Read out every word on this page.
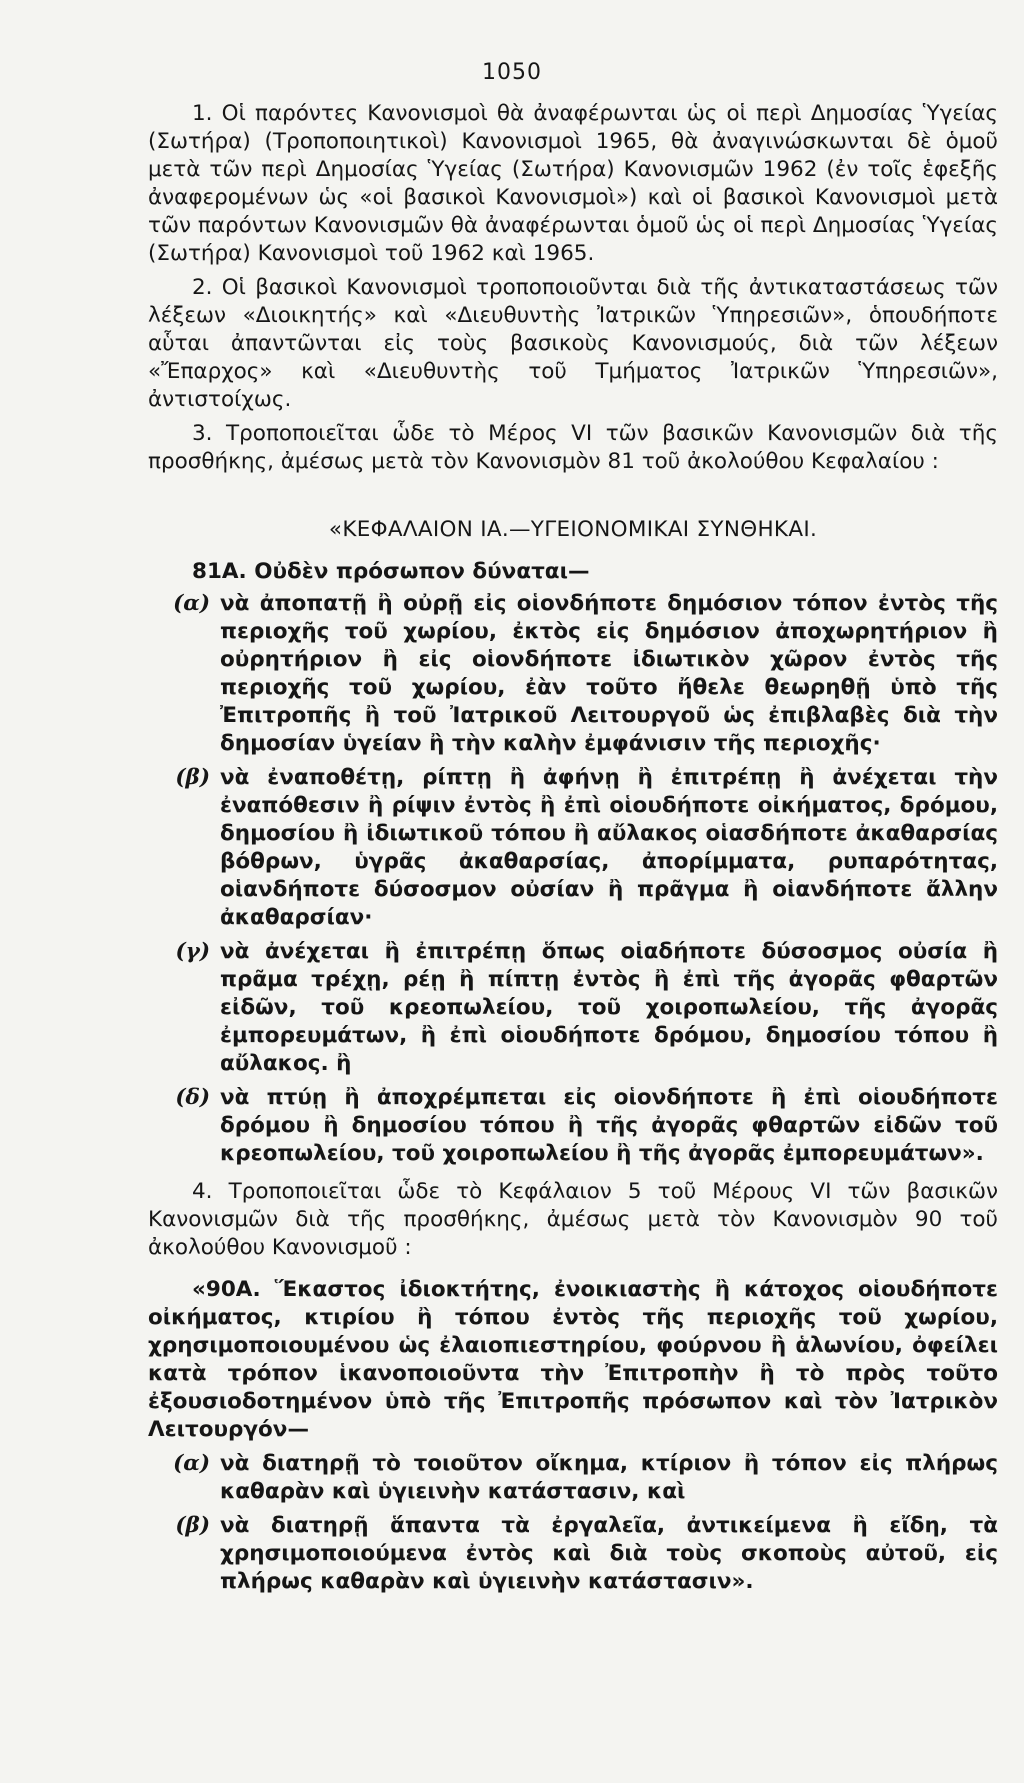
1050

1. Οἱ παρόντες Κανονισμοὶ θὰ ἀναφέρωνται ὡς οἱ περὶ Δημοσίας Ὑγείας (Σωτήρα) (Τροποποιητικοὶ) Κανονισμοὶ 1965, θὰ ἀναγινώσκωνται δὲ ὁμοῦ μετὰ τῶν περὶ Δημοσίας Ὑγείας (Σωτήρα) Κανονισμῶν 1962 (ἐν τοῖς ἑφεξῆς ἀναφερομένων ὡς «οἱ βασικοὶ Κανονισμοὶ») καὶ οἱ βασικοὶ Κανονισμοὶ μετὰ τῶν παρόντων Κανονισμῶν θὰ ἀναφέρωνται ὁμοῦ ὡς οἱ περὶ Δημοσίας Ὑγείας (Σωτήρα) Κανονισμοὶ τοῦ 1962 καὶ 1965.

2. Οἱ βασικοὶ Κανονισμοὶ τροποποιοῦνται διὰ τῆς ἀντικαταστάσεως τῶν λέξεων «Διοικητής» καὶ «Διευθυντὴς Ἰατρικῶν Ὑπηρεσιῶν», ὁπουδήποτε αὗται ἀπαντῶνται εἰς τοὺς βασικοὺς Κανονισμούς, διὰ τῶν λέξεων «Ἔπαρχος» καὶ «Διευθυντὴς τοῦ Τμήματος Ἰατρικῶν Ὑπηρεσιῶν», ἀντιστοίχως.

3. Τροποποιεῖται ὧδε τὸ Μέρος VI τῶν βασικῶν Κανονισμῶν διὰ τῆς προσθήκης, ἀμέσως μετὰ τὸν Κανονισμὸν 81 τοῦ ἀκολούθου Κεφαλαίου :

«ΚΕΦΑΛΑΙΟΝ ΙΑ.—ΥΓΕΙΟΝΟΜΙΚΑΙ ΣΥΝΘΗΚΑΙ.

81Α. Οὐδὲν πρόσωπον δύναται—

(α) νὰ ἀποπατῇ ἢ οὐρῇ εἰς οἱονδήποτε δημόσιον τόπον ἐντὸς τῆς περιοχῆς τοῦ χωρίου, ἐκτὸς εἰς δημόσιον ἀποχωρητήριον ἢ οὐρητήριον ἢ εἰς οἱονδήποτε ἰδιωτικὸν χῶρον ἐντὸς τῆς περιοχῆς τοῦ χωρίου, ἐὰν τοῦτο ἤθελε θεωρηθῇ ὑπὸ τῆς Ἐπιτροπῆς ἢ τοῦ Ἰατρικοῦ Λειτουργοῦ ὡς ἐπιβλαβὲς διὰ τὴν δημοσίαν ὑγείαν ἢ τὴν καλὴν ἐμφάνισιν τῆς περιοχῆς·
(β) νὰ ἐναποθέτῃ, ρίπτῃ ἢ ἀφήνῃ ἢ ἐπιτρέπῃ ἢ ἀνέχεται τὴν ἐναπόθεσιν ἢ ρίψιν ἐντὸς ἢ ἐπὶ οἱουδήποτε οἰκήματος, δρόμου, δημοσίου ἢ ἰδιωτικοῦ τόπου ἢ αὔλακος οἱασδήποτε ἀκαθαρσίας βόθρων, ὑγρᾶς ἀκαθαρσίας, ἀπορίμματα, ρυπαρότητας, οἱανδήποτε δύσοσμον οὐσίαν ἢ πρᾶγμα ἢ οἱανδήποτε ἄλλην ἀκαθαρσίαν·
(γ) νὰ ἀνέχεται ἢ ἐπιτρέπῃ ὅπως οἱαδήποτε δύσοσμος οὐσία ἢ πρᾶμα τρέχῃ, ρέῃ ἢ πίπτῃ ἐντὸς ἢ ἐπὶ τῆς ἀγορᾶς φθαρτῶν εἰδῶν, τοῦ κρεοπωλείου, τοῦ χοιροπωλείου, τῆς ἀγορᾶς ἐμπορευμάτων, ἢ ἐπὶ οἱουδήποτε δρόμου, δημοσίου τόπου ἢ αὔλακος. ἢ
(δ) νὰ πτύῃ ἢ ἀποχρέμπεται εἰς οἱονδήποτε ἢ ἐπὶ οἱουδήποτε δρόμου ἢ δημοσίου τόπου ἢ τῆς ἀγορᾶς φθαρτῶν εἰδῶν τοῦ κρεοπωλείου, τοῦ χοιροπωλείου ἢ τῆς ἀγορᾶς ἐμπορευμάτων».

4. Τροποποιεῖται ὧδε τὸ Κεφάλαιον 5 τοῦ Μέρους VI τῶν βασικῶν Κανονισμῶν διὰ τῆς προσθήκης, ἀμέσως μετὰ τὸν Κανονισμὸν 90 τοῦ ἀκολούθου Κανονισμοῦ :

«90Α. Ἕκαστος ἰδιοκτήτης, ἐνοικιαστὴς ἢ κάτοχος οἱουδήποτε οἰκήματος, κτιρίου ἢ τόπου ἐντὸς τῆς περιοχῆς τοῦ χωρίου, χρησιμοποιουμένου ὡς ἐλαιοπιεστηρίου, φούρνου ἢ ἁλωνίου, ὀφείλει κατὰ τρόπον ἱκανοποιοῦντα τὴν Ἐπιτροπὴν ἢ τὸ πρὸς τοῦτο ἐξουσιοδοτημένον ὑπὸ τῆς Ἐπιτροπῆς πρόσωπον καὶ τὸν Ἰατρικὸν Λειτουργόν—

(α) νὰ διατηρῇ τὸ τοιοῦτον οἴκημα, κτίριον ἢ τόπον εἰς πλήρως καθαρὰν καὶ ὑγιεινὴν κατάστασιν, καὶ
(β) νὰ διατηρῇ ἅπαντα τὰ ἐργαλεῖα, ἀντικείμενα ἢ εἴδη, τὰ χρησιμοποιούμενα ἐντὸς καὶ διὰ τοὺς σκοποὺς αὐτοῦ, εἰς πλήρως καθαρὰν καὶ ὑγιεινὴν κατάστασιν».
